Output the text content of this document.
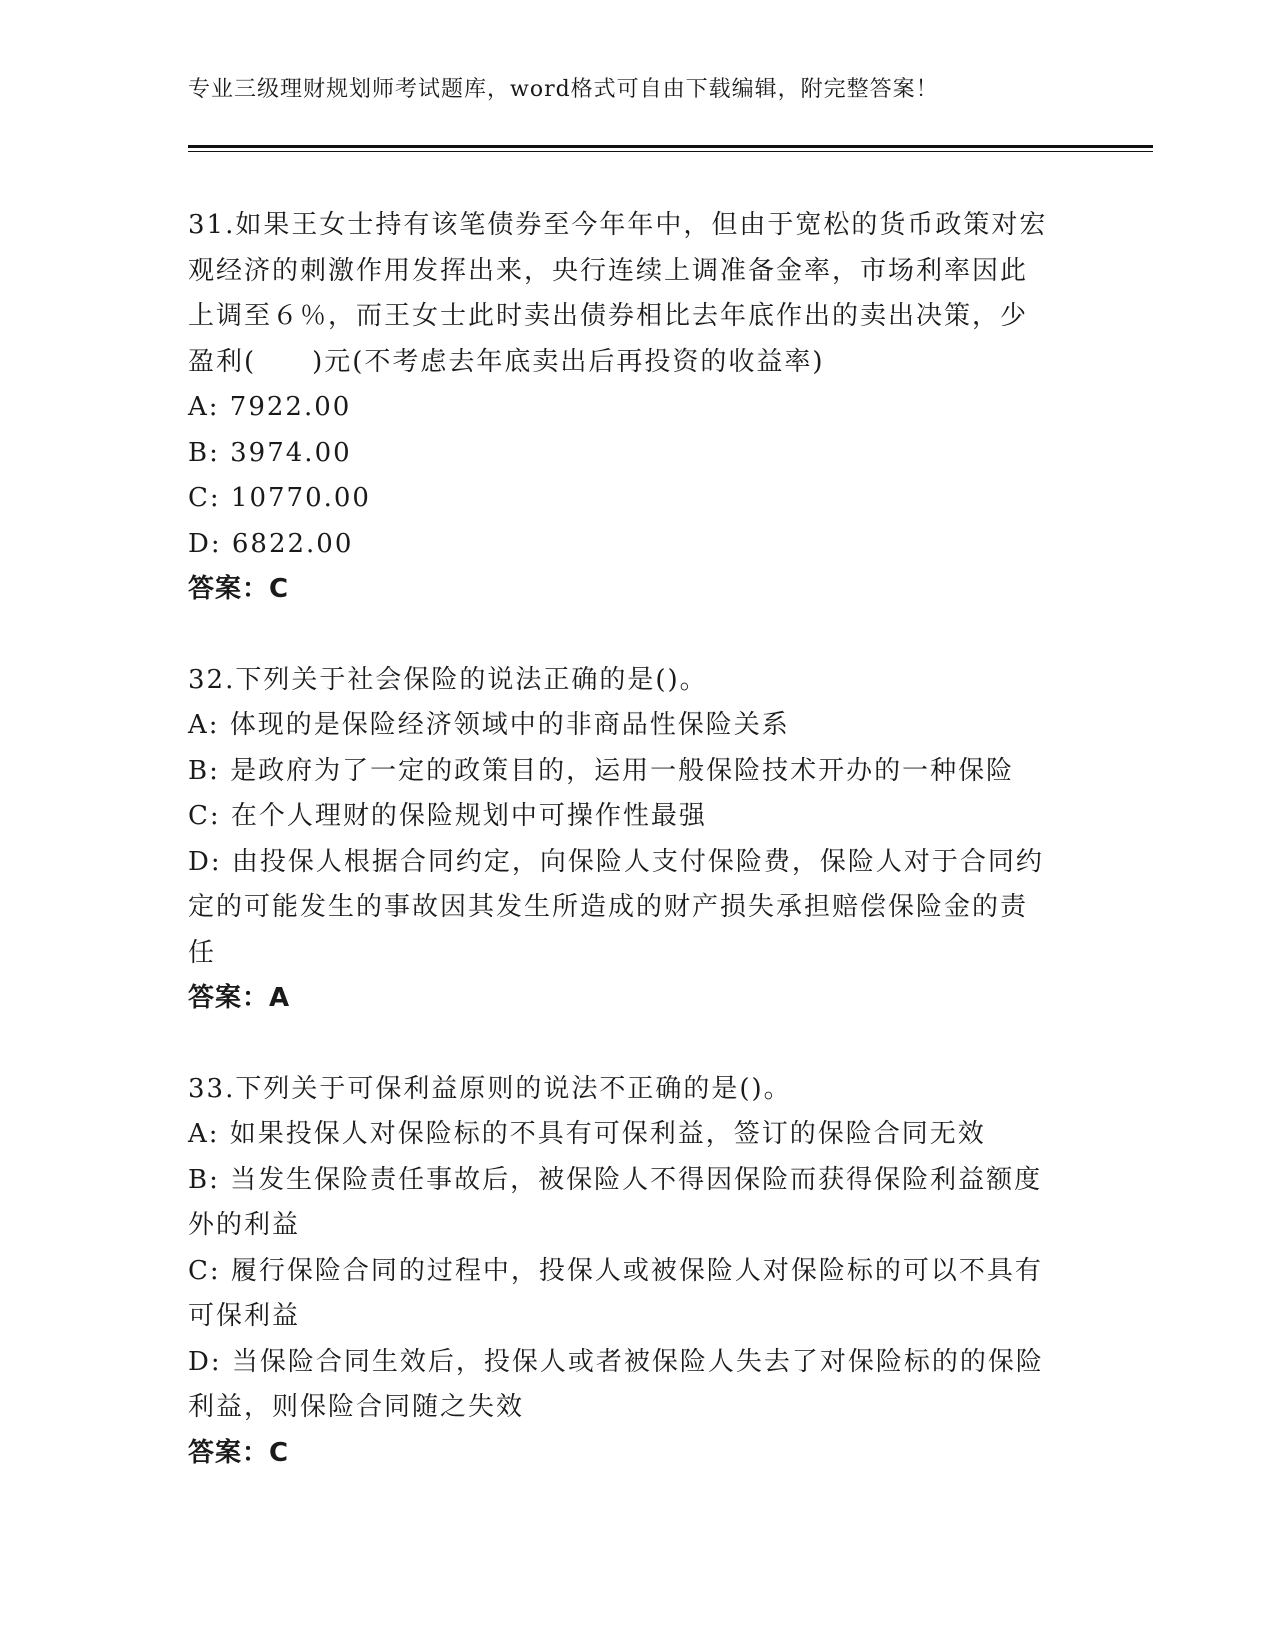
专业三级理财规划师考试题库，word格式可自由下载编辑，附完整答案！

31.如果王女士持有该笔债券至今年年中，但由于宽松的货币政策对宏

观经济的刺激作用发挥出来，央行连续上调准备金率，市场利率因此

上调至６％，而王女士此时卖出债券相比去年底作出的卖出决策，少

盈利(　　)元(不考虑去年底卖出后再投资的收益率)

A: 7922.00

B: 3974.00

C: 10770.00

D: 6822.00

答案：C

32.下列关于社会保险的说法正确的是()。

A: 体现的是保险经济领域中的非商品性保险关系

B: 是政府为了一定的政策目的，运用一般保险技术开办的一种保险

C: 在个人理财的保险规划中可操作性最强

D: 由投保人根据合同约定，向保险人支付保险费，保险人对于合同约

定的可能发生的事故因其发生所造成的财产损失承担赔偿保险金的责

任

答案：A

33.下列关于可保利益原则的说法不正确的是()。

A: 如果投保人对保险标的不具有可保利益，签订的保险合同无效

B: 当发生保险责任事故后，被保险人不得因保险而获得保险利益额度

外的利益

C: 履行保险合同的过程中，投保人或被保险人对保险标的可以不具有

可保利益

D: 当保险合同生效后，投保人或者被保险人失去了对保险标的的保险

利益，则保险合同随之失效

答案：C
